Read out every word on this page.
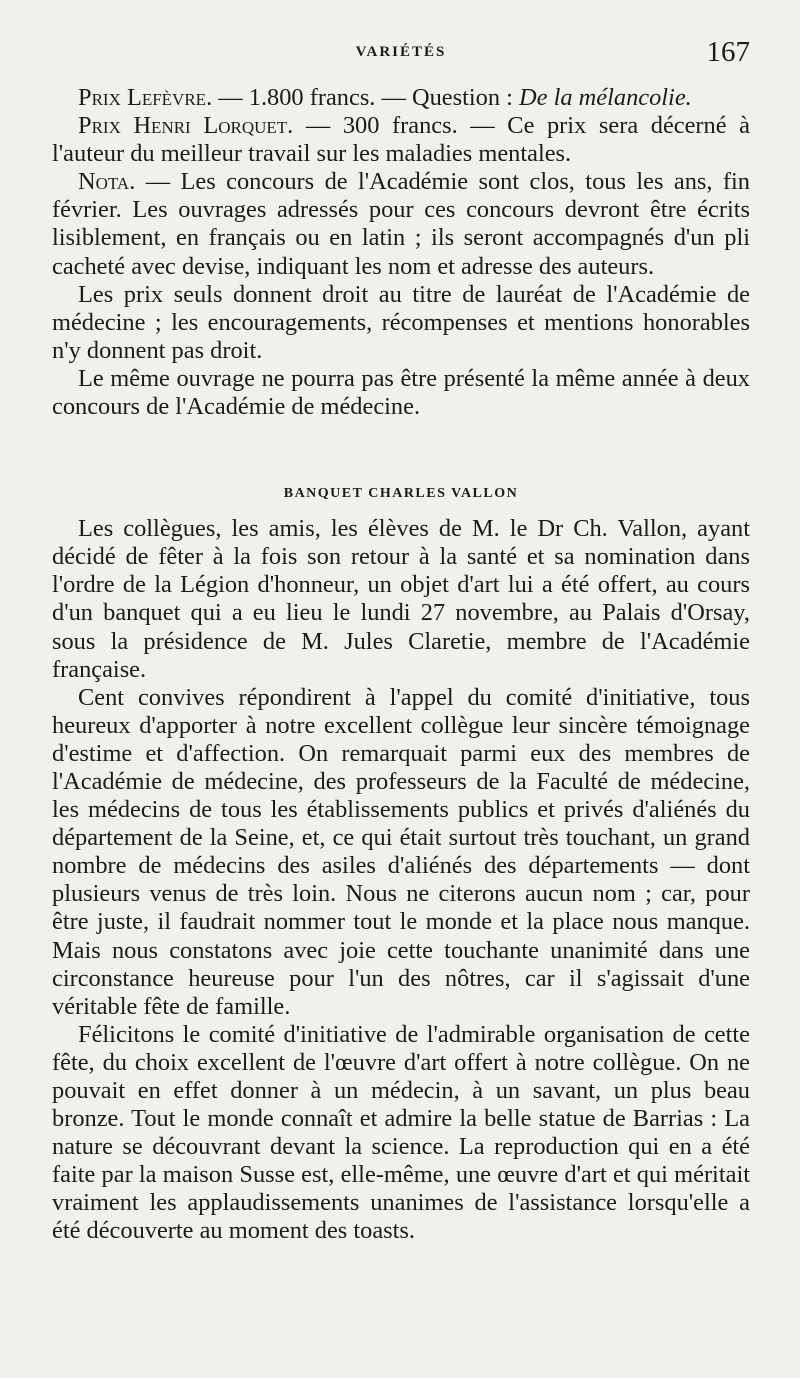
VARIÉTÉS	167

Prix Lefèvre. — 1.800 francs. — Question : De la mélancolie.

Prix Henri Lorquet. — 300 francs. — Ce prix sera décerné à l'auteur du meilleur travail sur les maladies mentales.

Nota. — Les concours de l'Académie sont clos, tous les ans, fin février. Les ouvrages adressés pour ces concours devront être écrits lisiblement, en français ou en latin ; ils seront accompagnés d'un pli cacheté avec devise, indiquant les nom et adresse des auteurs.

Les prix seuls donnent droit au titre de lauréat de l'Académie de médecine ; les encouragements, récompenses et mentions honorables n'y donnent pas droit.

Le même ouvrage ne pourra pas être présenté la même année à deux concours de l'Académie de médecine.

BANQUET CHARLES VALLON

Les collègues, les amis, les élèves de M. le Dr Ch. Vallon, ayant décidé de fêter à la fois son retour à la santé et sa nomination dans l'ordre de la Légion d'honneur, un objet d'art lui a été offert, au cours d'un banquet qui a eu lieu le lundi 27 novembre, au Palais d'Orsay, sous la présidence de M. Jules Claretie, membre de l'Académie française.

Cent convives répondirent à l'appel du comité d'initiative, tous heureux d'apporter à notre excellent collègue leur sincère témoignage d'estime et d'affection. On remarquait parmi eux des membres de l'Académie de médecine, des professeurs de la Faculté de médecine, les médecins de tous les établissements publics et privés d'aliénés du département de la Seine, et, ce qui était surtout très touchant, un grand nombre de médecins des asiles d'aliénés des départements — dont plusieurs venus de très loin. Nous ne citerons aucun nom ; car, pour être juste, il faudrait nommer tout le monde et la place nous manque. Mais nous constatons avec joie cette touchante unanimité dans une circonstance heureuse pour l'un des nôtres, car il s'agissait d'une véritable fête de famille.

Félicitons le comité d'initiative de l'admirable organisation de cette fête, du choix excellent de l'œuvre d'art offert à notre collègue. On ne pouvait en effet donner à un médecin, à un savant, un plus beau bronze. Tout le monde connaît et admire la belle statue de Barrias : La nature se découvrant devant la science. La reproduction qui en a été faite par la maison Susse est, elle-même, une œuvre d'art et qui méritait vraiment les applaudissements unanimes de l'assistance lorsqu'elle a été découverte au moment des toasts.
